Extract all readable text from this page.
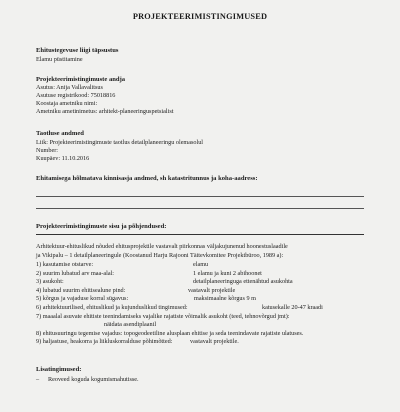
PROJEKTEERIMISTINGIMUSED
Ehitustegevuse liigi täpsustus
Elamu püstitamine
Projekteerimistingimuste andja
Asutus: Anija Vallavalitsus
Asutuse registrikood: 75018816
Koostaja ametniku nimi:
Ametniku ametinimetus: arhitekt-planeeringuspetsialist
Taotluse andmed
Liik: Projekteerimistingimuste taotlus detailplaneeringu olemasolul
Number:
Kuupäev: 11.10.2016
Ehitamisega hõlmatava kinnisasja andmed, sh katastritunnus ja koha-aadress:
Projekteerimistingimuste sisu ja põhjendused:
Arhitektuur-ehituslikud nõuded ehitusprojektile vastavalt piirkonnas väljakujunenud hoonestuslaadile
ja Vikipalu – 1 detailplaneeringule (Koostanud Harju Rajooni Täitevkomitee Projektbüroo, 1989 a):
1) kasutamise otstarve:	elamu
2) suurim lubatud arv maa-alal:	1 elamu ja kuni 2 abihoonet
3) asukoht:	detailplaneeringuga ettenähtud asukohta
4) lubatud suurim ehitisealune pind:	vastavalt projektile
5) kõrgus ja vajaduse korral sügavus:	maksimaalne kõrgus 9 m
6) arhitektuurilised, ehituslikud ja kujunduslikud tingimused:	katusekalle 20-47 kraadi
7) maaalal asuvate ehitiste teenindamiseks vajalike rajatiste võimalik asukoht (teed, tehnovõrgud jmt):
näidata asendiplaanil
8) ehitusuuringu tegemise vajadus: topogeodeetiline alusplaan ehitise ja seda teenindavate rajatiste ulatuses.
9) haljastuse, heakorra ja liikluskorralduse põhimõtted:	vastavalt projektile.
Lisatingimused:
– Reoveed koguda kogumismahutisse.
